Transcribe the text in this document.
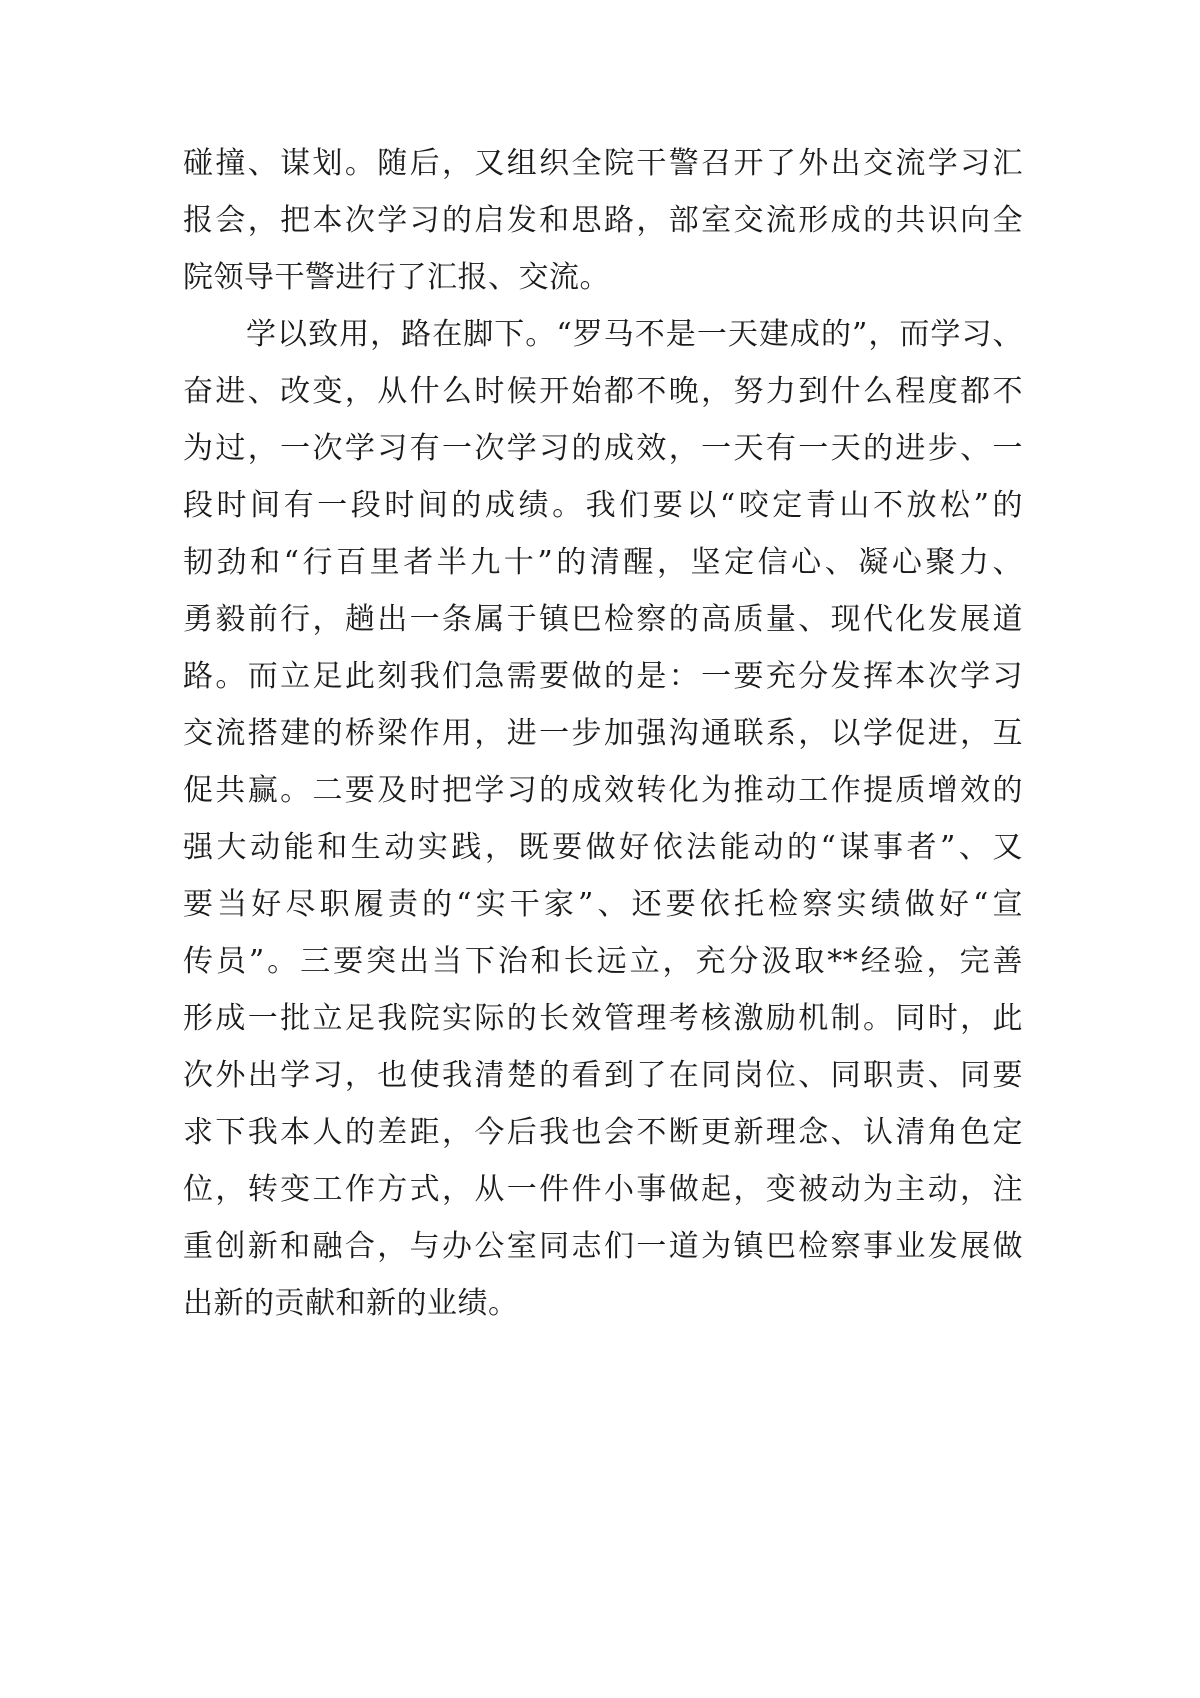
碰撞、谋划。随后，又组织全院干警召开了外出交流学习汇
报会，把本次学习的启发和思路，部室交流形成的共识向全
院领导干警进行了汇报、交流。
学以致用，路在脚下。“罗马不是一天建成的”，而学习、
奋进、改变，从什么时候开始都不晚，努力到什么程度都不
为过，一次学习有一次学习的成效，一天有一天的进步、一
段时间有一段时间的成绩。我们要以“咬定青山不放松”的
韧劲和“行百里者半九十”的清醒，坚定信心、凝心聚力、
勇毅前行，趟出一条属于镇巴检察的高质量、现代化发展道
路。而立足此刻我们急需要做的是：一要充分发挥本次学习
交流搭建的桥梁作用，进一步加强沟通联系，以学促进，互
促共赢。二要及时把学习的成效转化为推动工作提质增效的
强大动能和生动实践，既要做好依法能动的“谋事者”、又
要当好尽职履责的“实干家”、还要依托检察实绩做好“宣
传员”。三要突出当下治和长远立，充分汲取**经验，完善
形成一批立足我院实际的长效管理考核激励机制。同时，此
次外出学习，也使我清楚的看到了在同岗位、同职责、同要
求下我本人的差距，今后我也会不断更新理念、认清角色定
位，转变工作方式，从一件件小事做起，变被动为主动，注
重创新和融合，与办公室同志们一道为镇巴检察事业发展做
出新的贡献和新的业绩。
